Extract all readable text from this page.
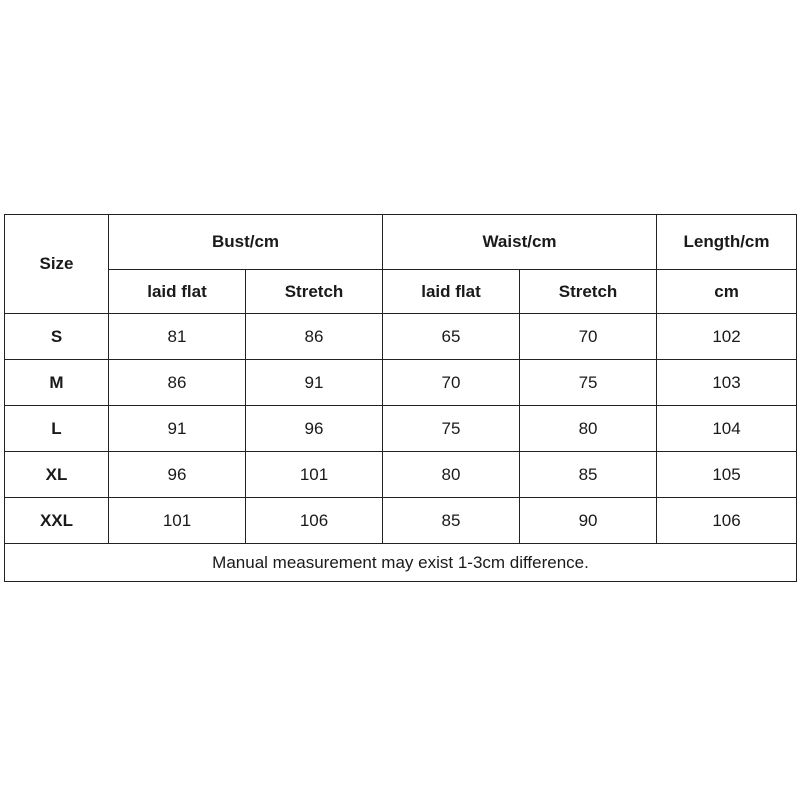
Size	Bust/cm		Waist/cm		Length/cm
	laid flat	Stretch	laid flat	Stretch	cm
S	81	86	65	70	102
M	86	91	70	75	103
L	91	96	75	80	104
XL	96	101	80	85	105
XXL	101	106	85	90	106
Manual measurement may exist 1-3cm difference.					
